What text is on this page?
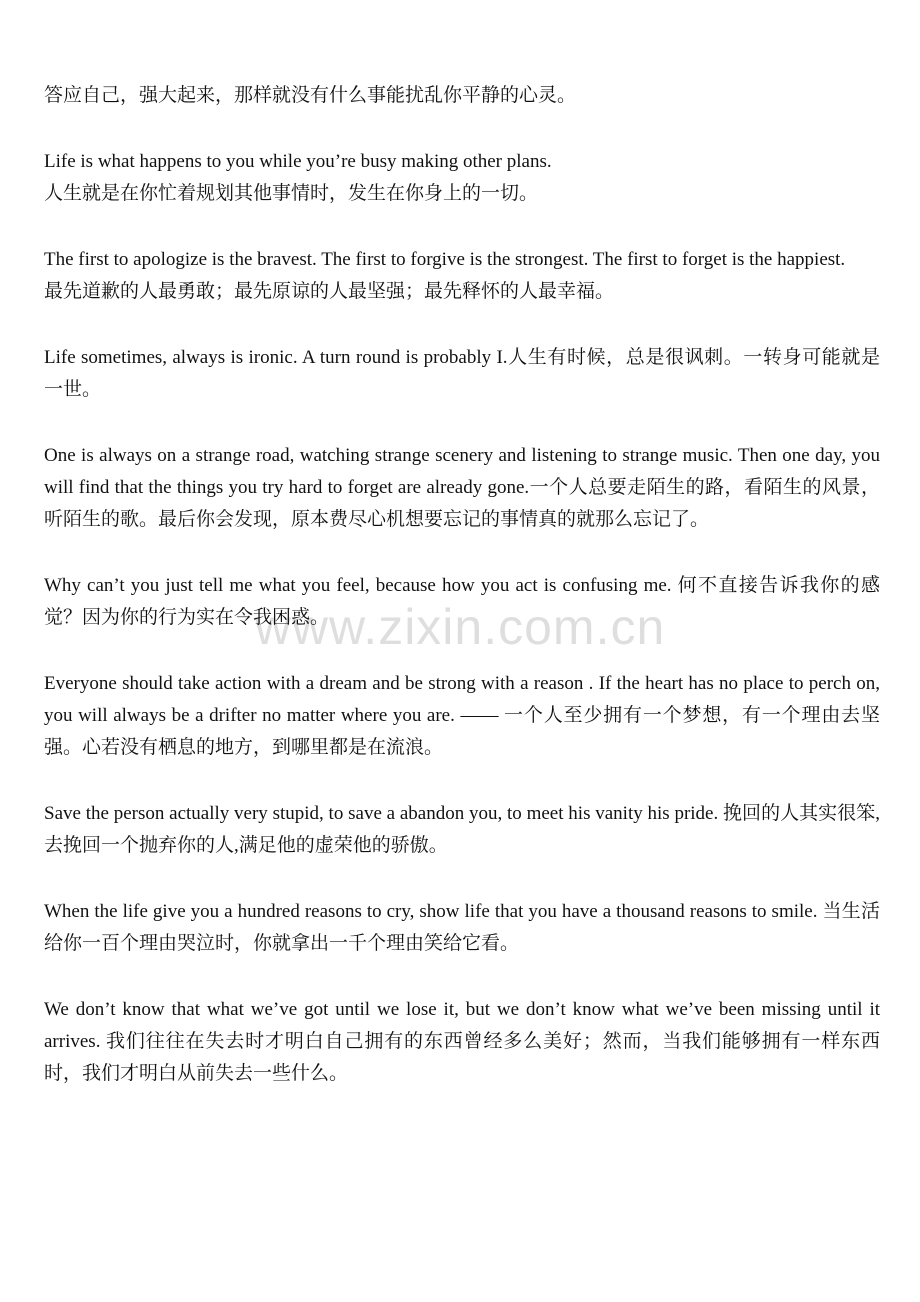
答应自己，强大起来，那样就没有什么事能扰乱你平静的心灵。

Life is what happens to you while you’re busy making other plans.
人生就是在你忙着规划其他事情时，发生在你身上的一切。

The first to apologize is the bravest. The first to forgive is the strongest. The first to forget is the happiest.
最先道歉的人最勇敢；最先原谅的人最坚强；最先释怀的人最幸福。

Life sometimes, always is ironic. A turn round is probably I.人生有时候，总是很讽刺。一转身可能就是一世。

One is always on a strange road, watching strange scenery and listening to strange music. Then one day, you will find that the things you try hard to forget are already gone.一个人总要走陌生的路，看陌生的风景，听陌生的歌。最后你会发现，原本费尽心机想要忘记的事情真的就那么忘记了。

Why can’t you just tell me what you feel, because how you act is confusing me. 何不直接告诉我你的感觉？因为你的行为实在令我困惑。

Everyone should take action with a dream and be strong with a reason . If the heart has no place to perch on, you will always be a drifter no matter where you are. —— 一个人至少拥有一个梦想，有一个理由去坚强。心若没有栖息的地方，到哪里都是在流浪。

Save the person actually very stupid, to save a abandon you, to meet his vanity his pride. 挽回的人其实很笨,去挽回一个抛弃你的人,满足他的虚荣他的骄傲。

When the life give you a hundred reasons to cry, show life that you have a thousand reasons to smile. 当生活给你一百个理由哭泣时，你就拿出一千个理由笑给它看。

We don’t know that what we’ve got until we lose it, but we don’t know what we’ve been missing until it arrives. 我们往往在失去时才明白自己拥有的东西曾经多么美好；然而，当我们能够拥有一样东西时，我们才明白从前失去一些什么。

www.zixin.com.cn
